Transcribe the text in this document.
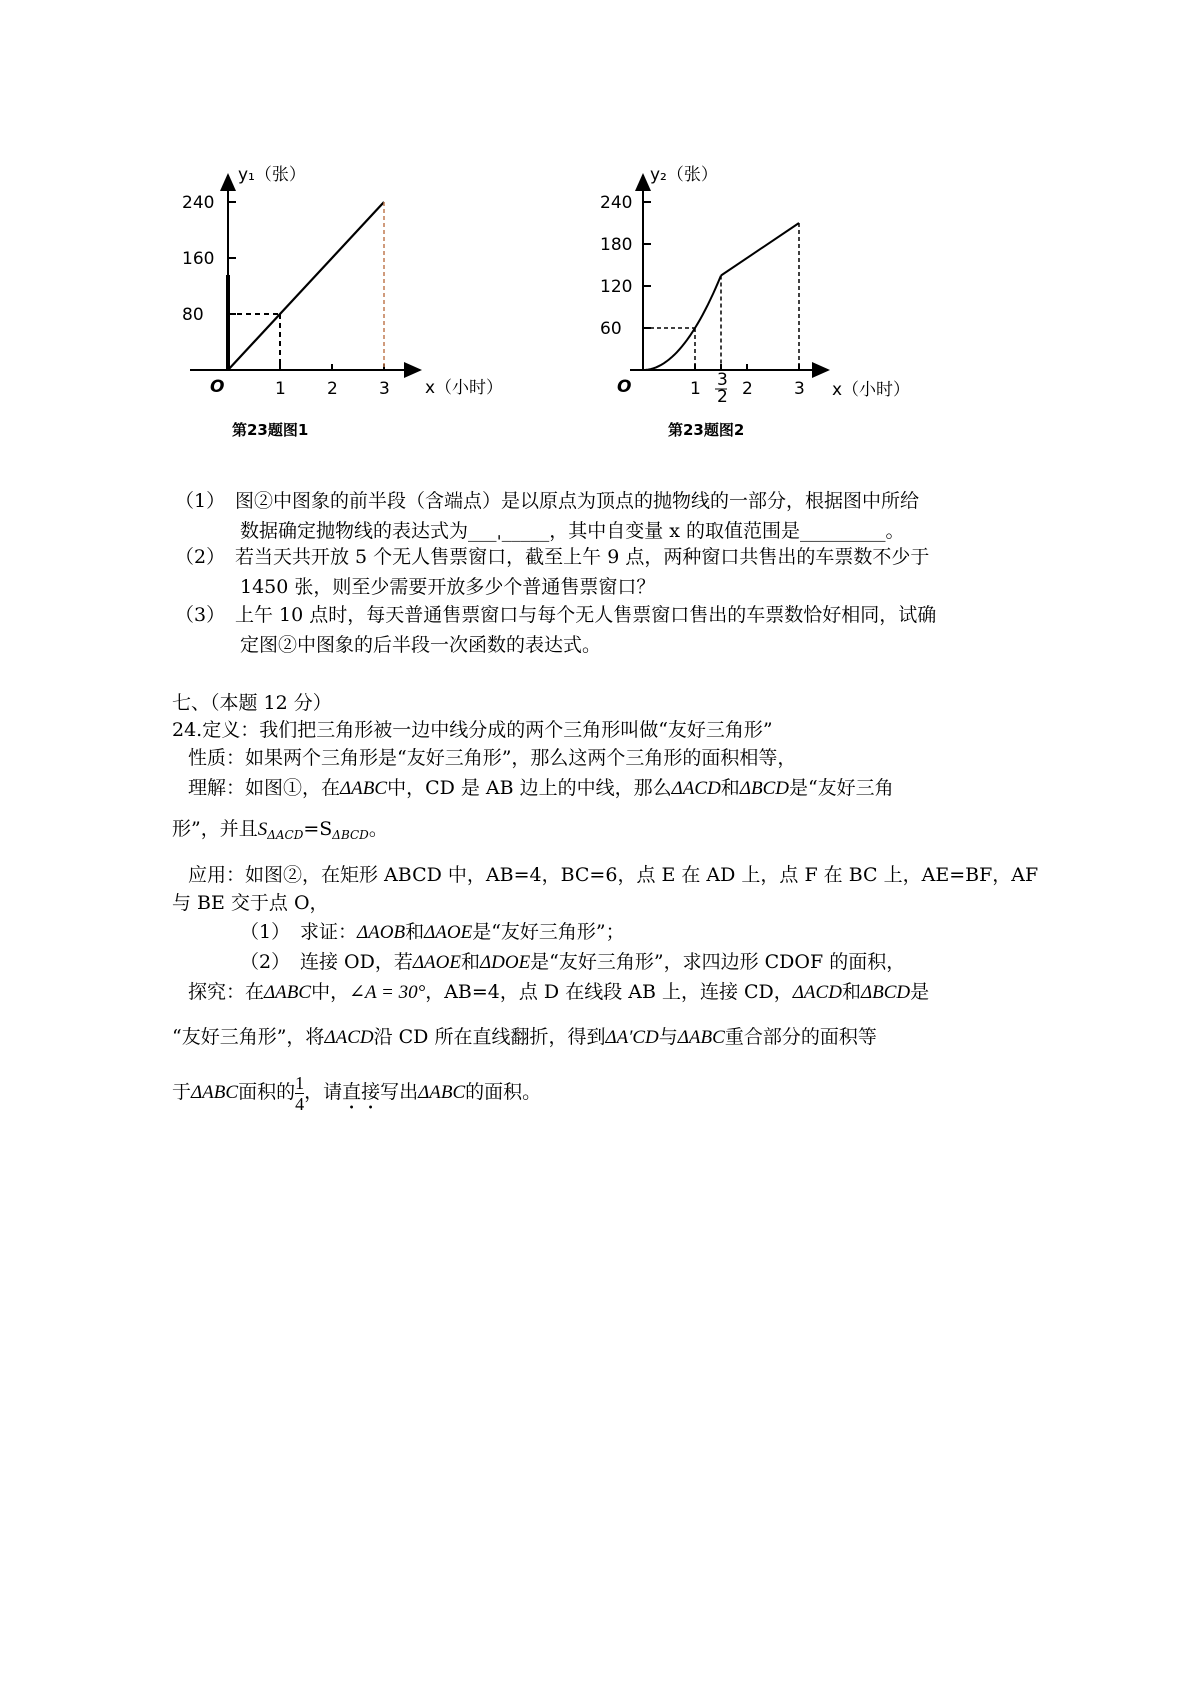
240
160
80
1 2 3
y₁（张）
x（小时）
O
第23题图1
240
180
120
60
1 3
2 2 3
y₂（张）
x（小时）
O
第23题图2
（1） 图②中图象的前半段（含端点）是以原点为顶点的抛物线的一部分，根据图中所给
数据确定抛物线的表达式为___ˌ_____，其中自变量 x 的取值范围是_________。
（2） 若当天共开放 5 个无人售票窗口，截至上午 9 点，两种窗口共售出的车票数不少于
1450 张，则至少需要开放多少个普通售票窗口？
（3） 上午 10 点时，每天普通售票窗口与每个无人售票窗口售出的车票数恰好相同，试确
定图②中图象的后半段一次函数的表达式。
七、（本题 12 分）
24.定义：我们把三角形被一边中线分成的两个三角形叫做“友好三角形”
性质：如果两个三角形是“友好三角形”，那么这两个三角形的面积相等，
理解：如图①，在ΔABC中，CD 是 AB 边上的中线，那么ΔACD和ΔBCD是“友好三角
形”，并且$S_{\Delta ACD}=S_{\Delta BCD}$。
应用：如图②，在矩形 ABCD 中，AB=4，BC=6，点 E 在 AD 上，点 F 在 BC 上，AE=BF，AF
与 BE 交于点 O，
（1） 求证：ΔAOB和ΔAOE是“友好三角形”；
（2） 连接 OD，若ΔAOE和ΔDOE是“友好三角形”，求四边形 CDOF 的面积，
探究：在ΔABC中，∠A = 30°，AB=4，点 D 在线段 AB 上，连接 CD，ΔACD和ΔBCD是
“友好三角形”，将ΔACD沿 CD 所在直线翻折，得到ΔA′CD与ΔABC重合部分的面积等
于ΔABC面积的 $\frac{1}{4}$ ，请直接写出ΔABC的面积。
